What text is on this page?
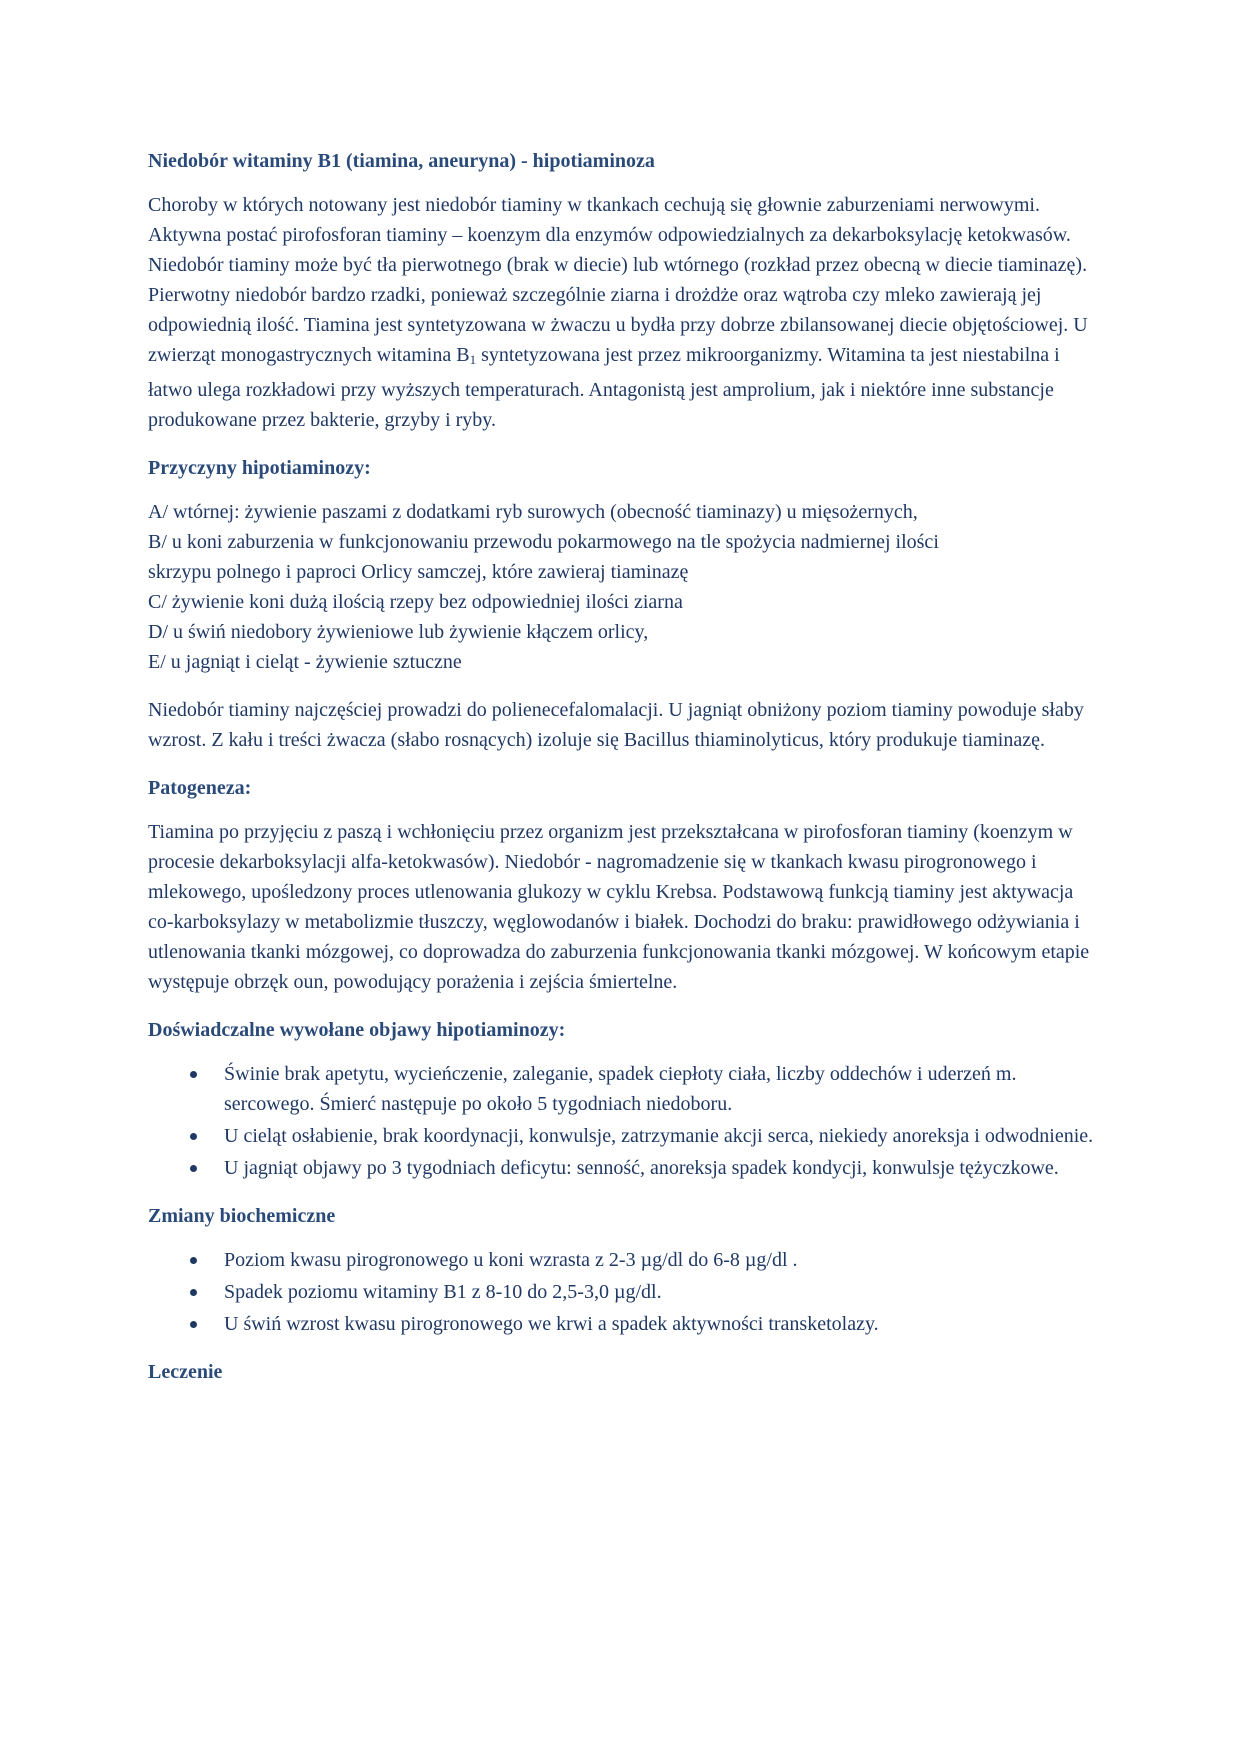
Niedobór witaminy B1 (tiamina, aneuryna) - hipotiaminoza

Choroby w których notowany jest niedobór tiaminy w tkankach cechują się głownie zaburzeniami nerwowymi. Aktywna postać pirofosforan tiaminy – koenzym dla enzymów odpowiedzialnych za dekarboksylację ketokwasów. Niedobór tiaminy może być tła pierwotnego (brak w diecie) lub wtórnego (rozkład przez obecną w diecie tiaminazę). Pierwotny niedobór bardzo rzadki, ponieważ szczególnie ziarna i drożdże oraz wątroba czy mleko zawierają jej odpowiednią ilość. Tiamina jest syntetyzowana w żwaczu u bydła przy dobrze zbilansowanej diecie objętościowej. U zwierząt monogastrycznych witamina $B_1$ syntetyzowana jest przez mikroorganizmy. Witamina ta jest niestabilna i łatwo ulega rozkładowi przy wyższych temperaturach. Antagonistą jest amprolium, jak i niektóre inne substancje produkowane przez bakterie, grzyby i ryby.

Przyczyny hipotiaminozy:

A/ wtórnej: żywienie paszami z dodatkami ryb surowych (obecność tiaminazy) u mięsożernych,
B/ u koni zaburzenia w funkcjonowaniu przewodu pokarmowego na tle spożycia nadmiernej ilości
skrzypu polnego i paproci Orlicy samczej, które zawieraj tiaminazę
C/ żywienie koni dużą ilością rzepy bez odpowiedniej ilości ziarna
D/ u świń niedobory żywieniowe lub żywienie kłączem orlicy,
E/ u jagniąt i cieląt - żywienie sztuczne

Niedobór tiaminy najczęściej prowadzi do polienecefalomalacji. U jagniąt obniżony poziom tiaminy powoduje słaby wzrost. Z kału i treści żwacza (słabo rosnących) izoluje się Bacillus thiaminolyticus, który produkuje tiaminazę.

Patogeneza:

Tiamina po przyjęciu z paszą i wchłonięciu przez organizm jest przekształcana w pirofosforan tiaminy (koenzym w procesie dekarboksylacji alfa-ketokwasów). Niedobór - nagromadzenie się w tkankach kwasu pirogronowego i mlekowego, upośledzony proces utlenowania glukozy w cyklu Krebsa. Podstawową funkcją tiaminy jest aktywacja co-karboksylazy w metabolizmie tłuszczy, węglowodanów i białek. Dochodzi do braku: prawidłowego odżywiania i utlenowania tkanki mózgowej, co doprowadza do zaburzenia funkcjonowania tkanki mózgowej. W końcowym etapie występuje obrzęk oun, powodujący porażenia i zejścia śmiertelne.

Doświadczalne wywołane objawy hipotiaminozy:
Świnie brak apetytu, wycieńczenie, zaleganie, spadek ciepłoty ciała, liczby oddechów i uderzeń m. sercowego. Śmierć następuje po około 5 tygodniach niedoboru.
U cieląt osłabienie, brak koordynacji, konwulsje, zatrzymanie akcji serca, niekiedy anoreksja i odwodnienie.
U jagniąt objawy po 3 tygodniach deficytu: senność, anoreksja spadek kondycji, konwulsje tężyczkowe.
Zmiany biochemiczne
Poziom kwasu pirogronowego u koni wzrasta z 2-3 µg/dl do 6-8 µg/dl .
Spadek poziomu witaminy B1 z 8-10 do 2,5-3,0 µg/dl.
U świń wzrost kwasu pirogronowego we krwi a spadek aktywności transketolazy.
Leczenie
